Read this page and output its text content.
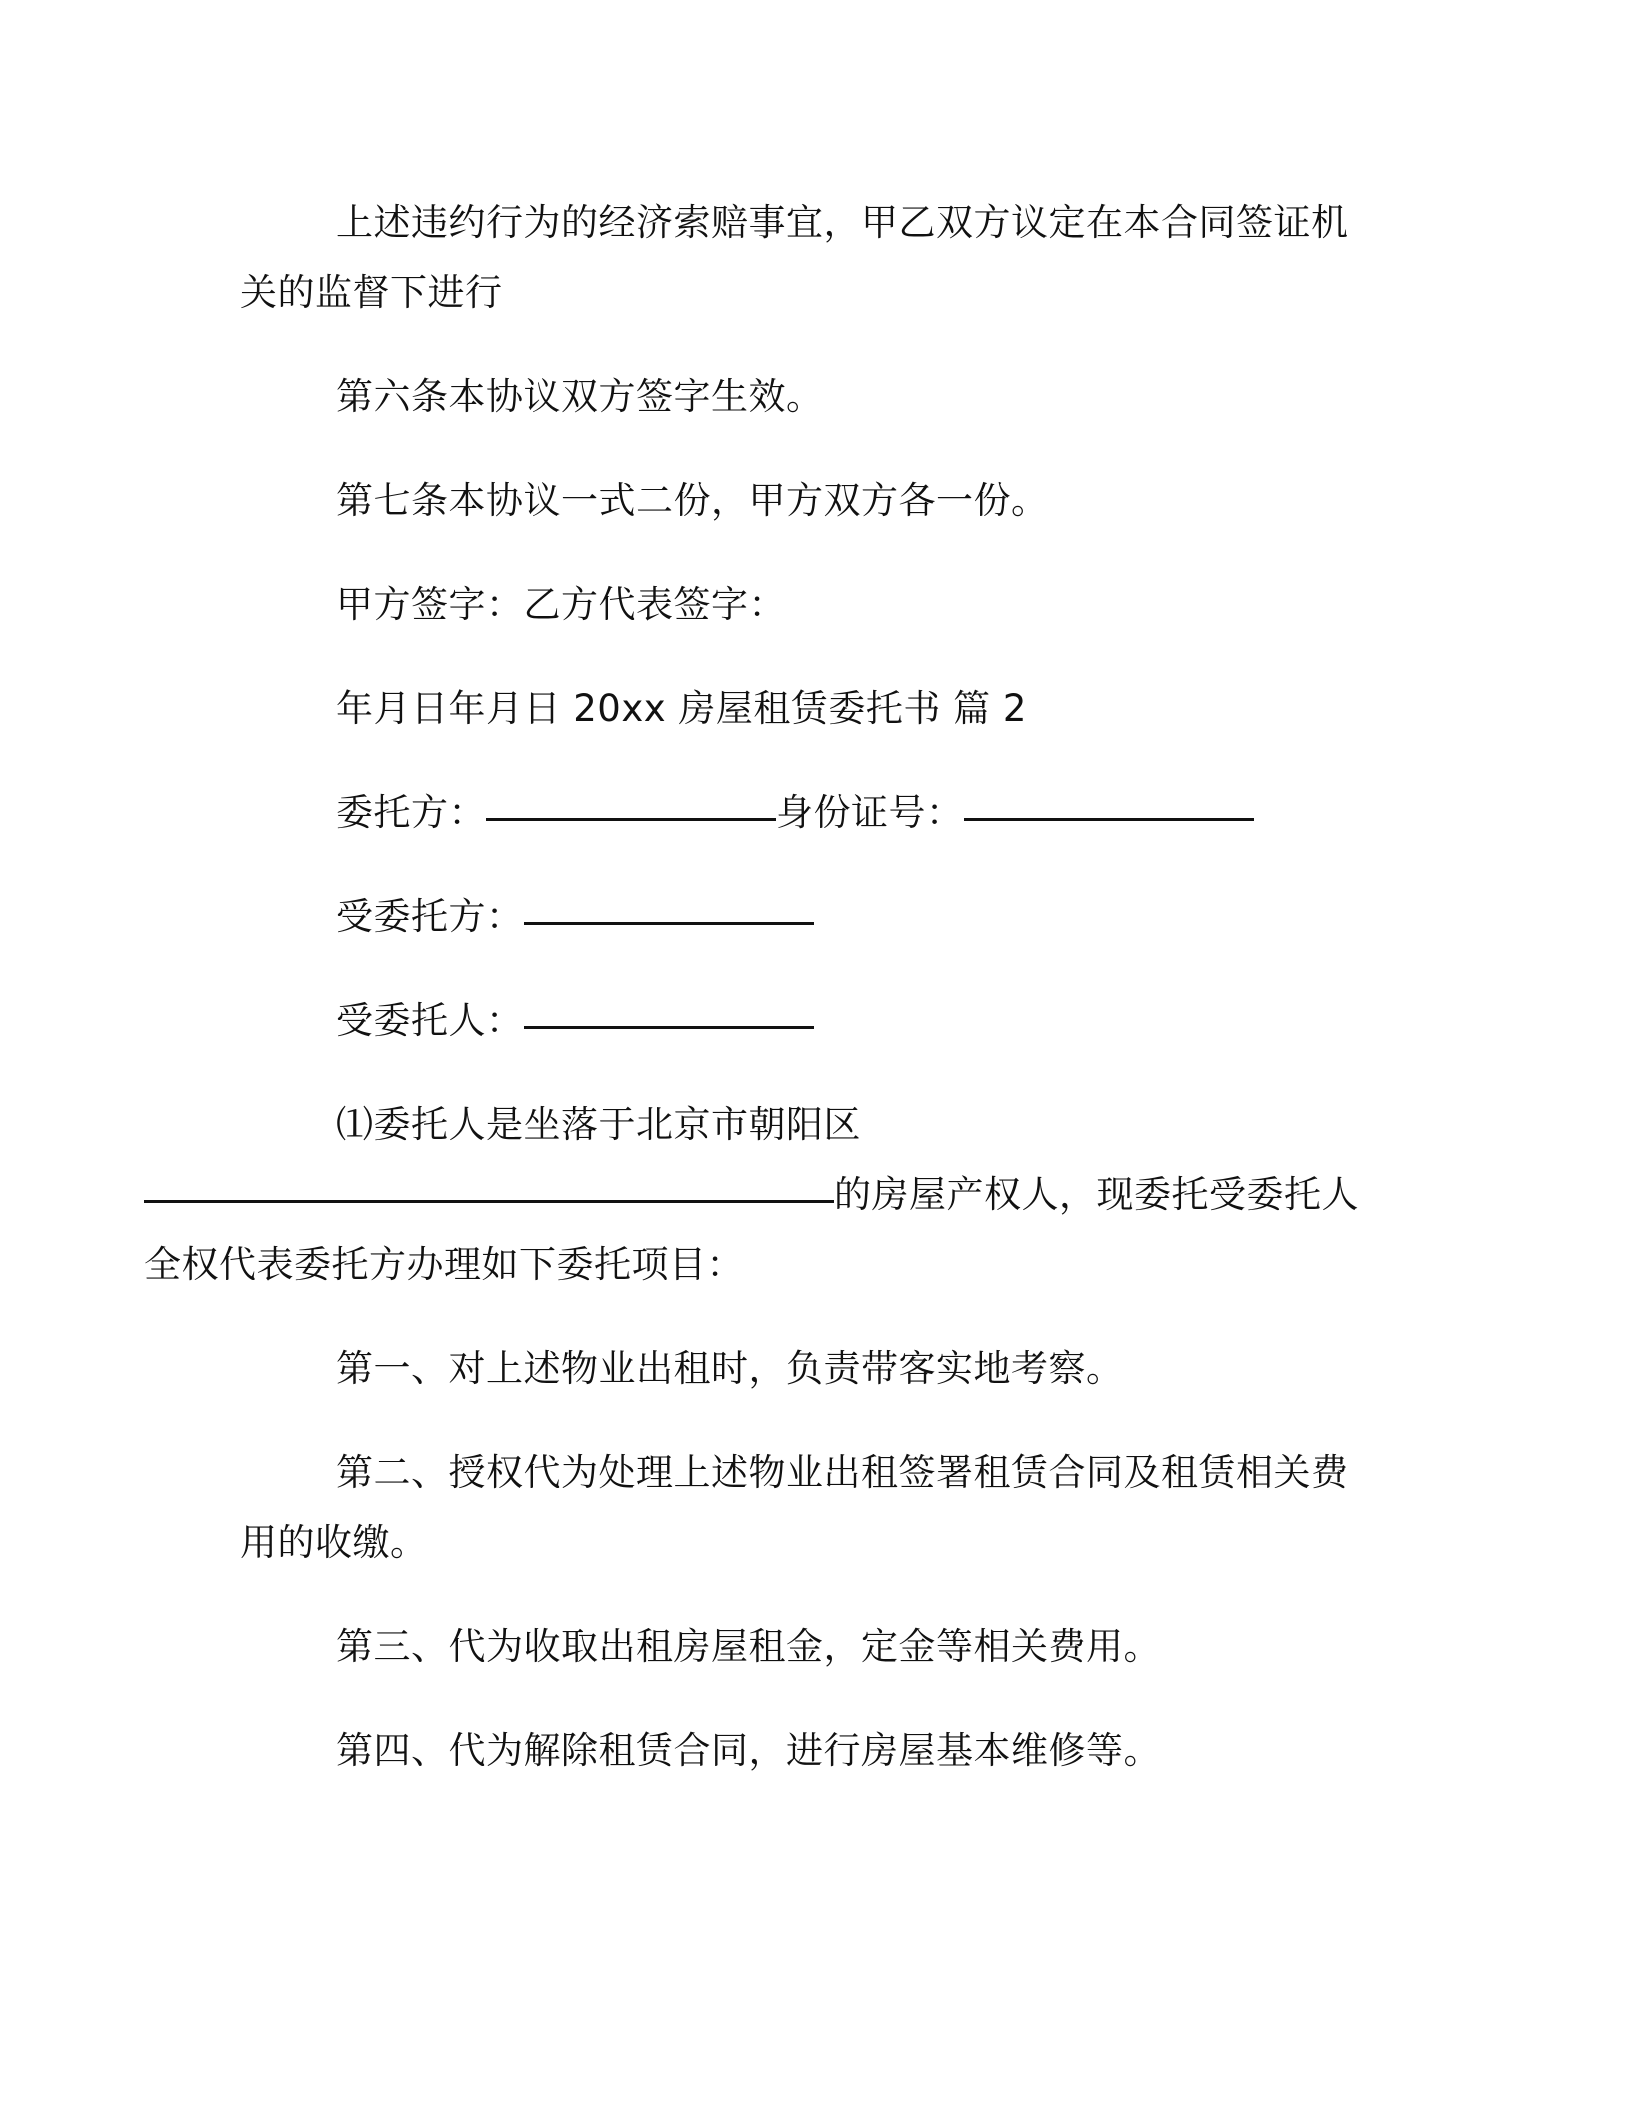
上述违约行为的经济索赔事宜，甲乙双方议定在本合同签证机关的监督下进行

第六条本协议双方签字生效。

第七条本协议一式二份，甲方双方各一份。

甲方签字：乙方代表签字：

年月日年月日 20xx 房屋租赁委托书 篇 2

委托方：	身份证号：

受委托方：

受委托人：

⑴委托人是坐落于北京市朝阳区
的房屋产权人，现委托受委托人全权代表委托方办理如下委托项目：

第一、对上述物业出租时，负责带客实地考察。

第二、授权代为处理上述物业出租签署租赁合同及租赁相关费用的收缴。

第三、代为收取出租房屋租金，定金等相关费用。

第四、代为解除租赁合同，进行房屋基本维修等。
